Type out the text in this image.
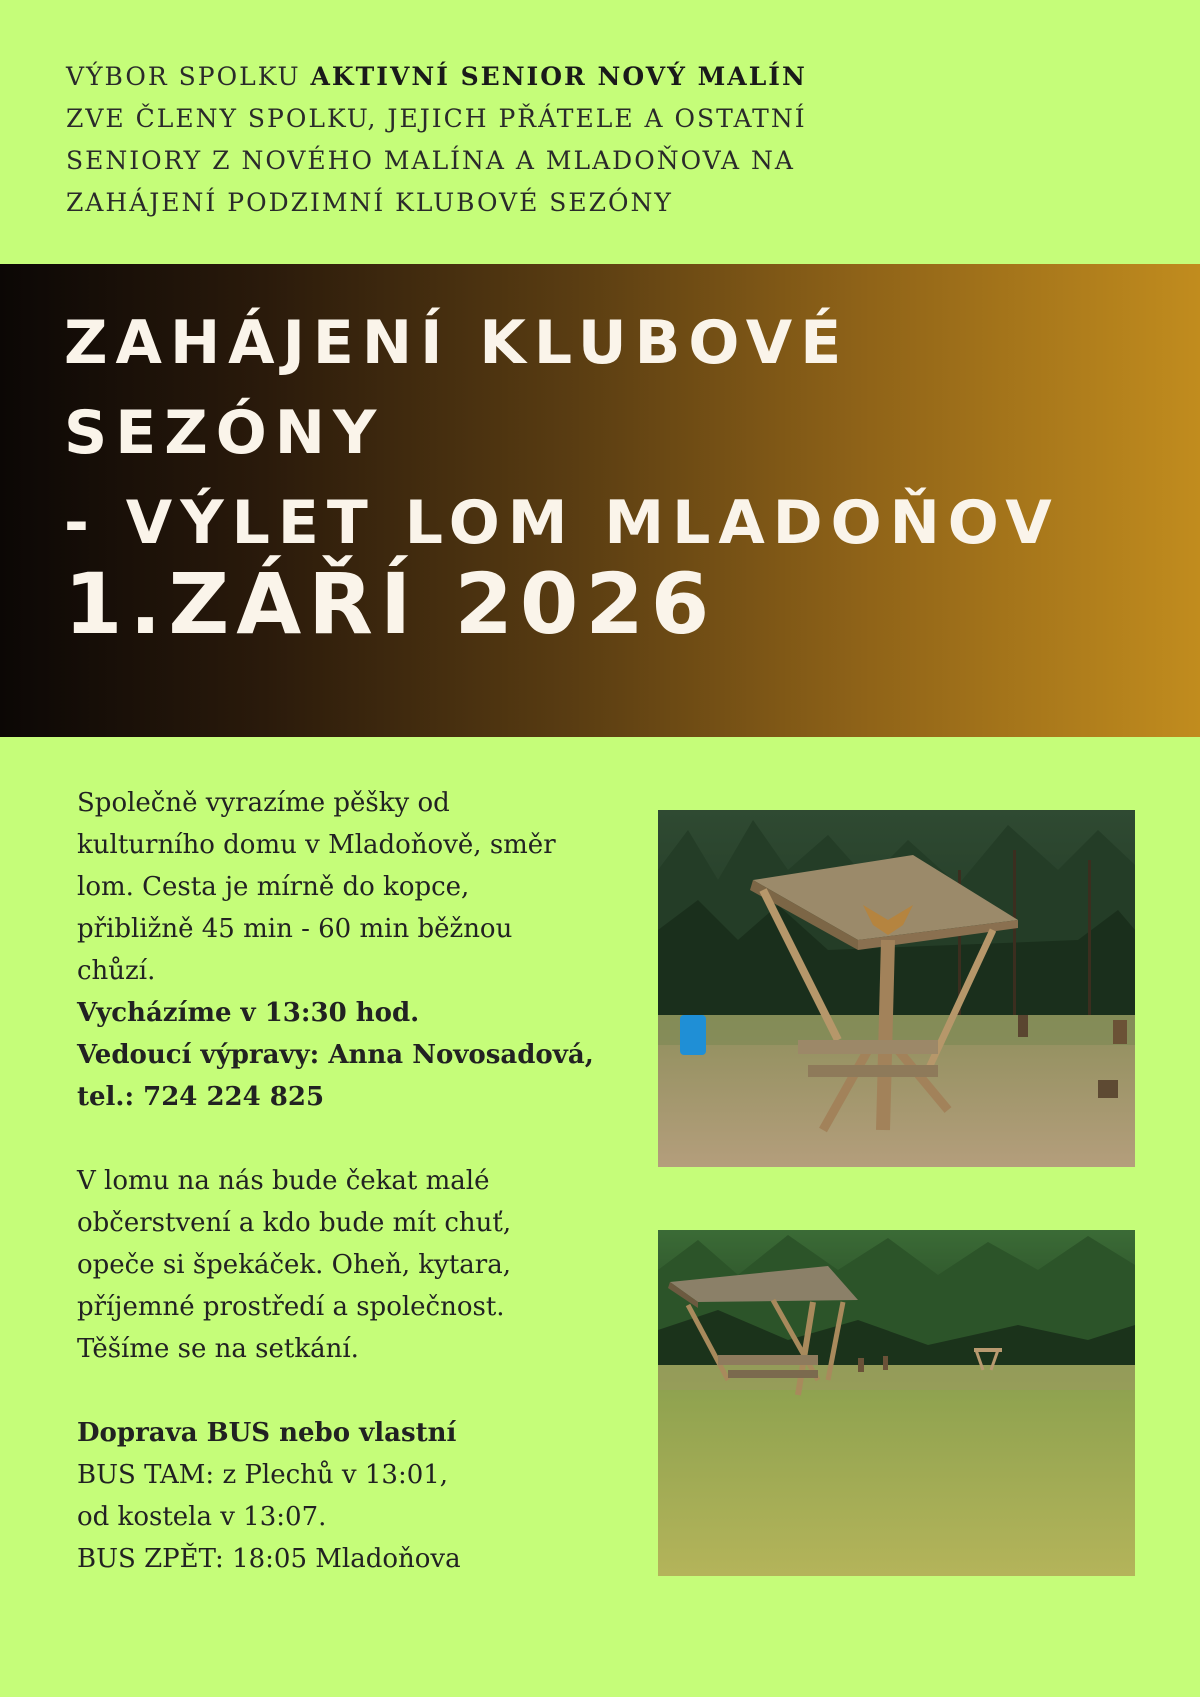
VÝBOR SPOLKU AKTIVNÍ SENIOR NOVÝ MALÍN

ZVE ČLENY SPOLKU, JEJICH PŘÁTELE A OSTATNÍ

SENIORY Z NOVÉHO MALÍNA A MLADOŇOVA NA

ZAHÁJENÍ PODZIMNÍ KLUBOVÉ SEZÓNY

ZAHÁJENÍ KLUBOVÉ SEZÓNY
- VÝLET LOM MLADOŇOV
1.ZÁŘÍ 2026

Společně vyrazíme pěšky od

kulturního domu v Mladoňově, směr

lom. Cesta je mírně do kopce,

přibližně 45 min - 60 min běžnou

chůzí.

Vycházíme v 13:30 hod.

Vedoucí výpravy: Anna Novosadová,

tel.: 724 224 825

V lomu na nás bude čekat malé

občerstvení a kdo bude mít chuť,

opeče si špekáček. Oheň, kytara,

příjemné prostředí a společnost.

Těšíme se na setkání.

Doprava BUS nebo vlastní

BUS TAM: z Plechů v 13:01,

od kostela v 13:07.

BUS ZPĚT: 18:05 Mladoňova
